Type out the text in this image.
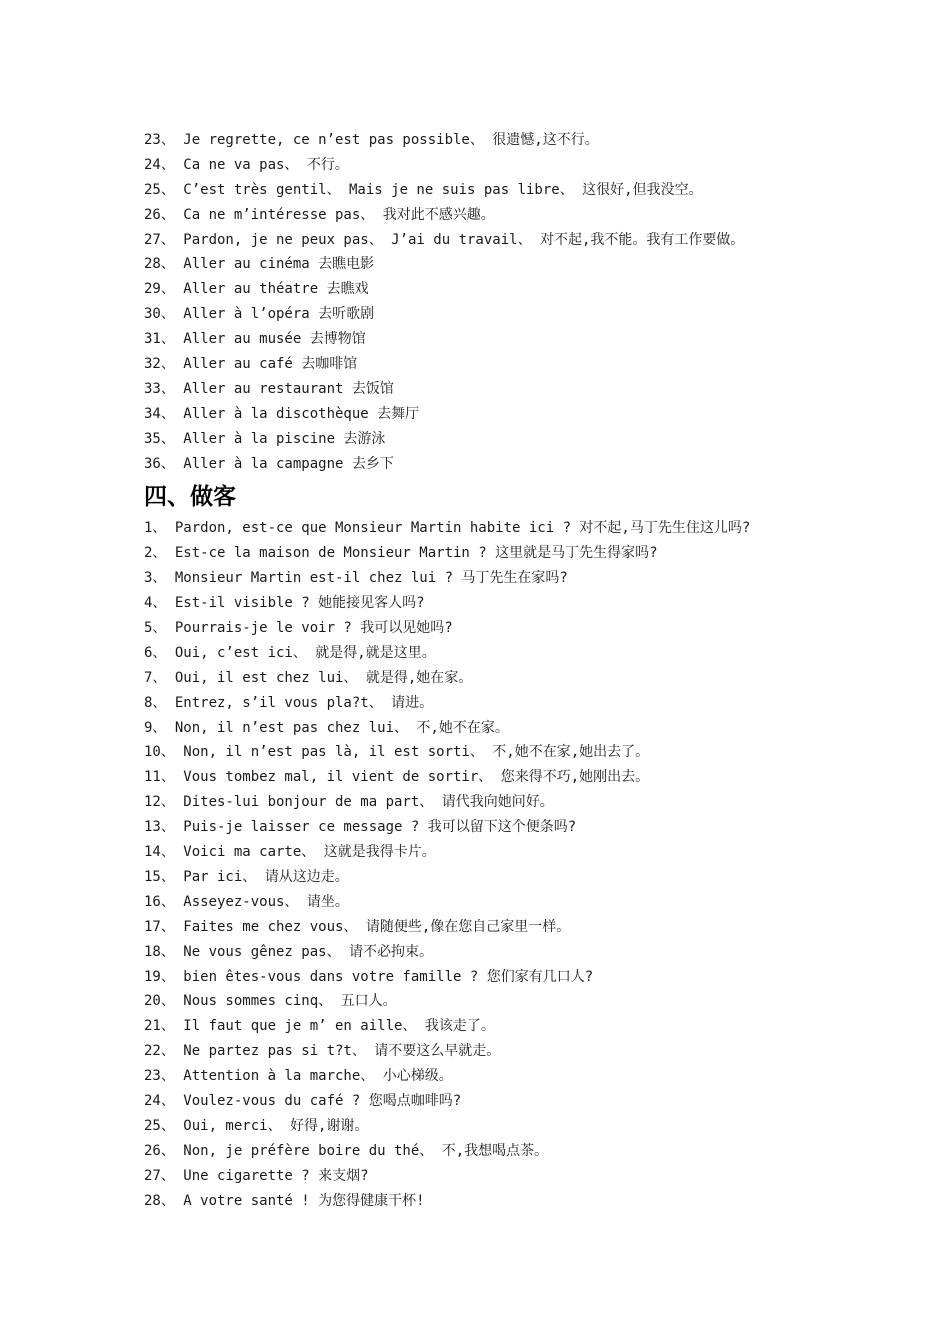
23、 Je regrette, ce n’est pas possible、 很遗憾,这不行。
24、 Ca ne va pas、 不行。
25、 C’est très gentil、 Mais je ne suis pas libre、 这很好,但我没空。
26、 Ca ne m’intéresse pas、 我对此不感兴趣。
27、 Pardon, je ne peux pas、 J’ai du travail、 对不起,我不能。我有工作要做。
28、 Aller au cinéma 去瞧电影
29、 Aller au théatre 去瞧戏
30、 Aller à l’opéra 去听歌剧
31、 Aller au musée 去博物馆
32、 Aller au café 去咖啡馆
33、 Aller au restaurant 去饭馆
34、 Aller à la discothèque 去舞厅
35、 Aller à la piscine 去游泳
36、 Aller à la campagne 去乡下
四、做客
1、 Pardon, est-ce que Monsieur Martin habite ici ? 对不起,马丁先生住这儿吗?
2、 Est-ce la maison de Monsieur Martin ? 这里就是马丁先生得家吗?
3、 Monsieur Martin est-il chez lui ? 马丁先生在家吗?
4、 Est-il visible ? 她能接见客人吗?
5、 Pourrais-je le voir ? 我可以见她吗?
6、 Oui, c’est ici、 就是得,就是这里。
7、 Oui, il est chez lui、 就是得,她在家。
8、 Entrez, s’il vous pla?t、 请进。
9、 Non, il n’est pas chez lui、 不,她不在家。
10、 Non, il n’est pas là, il est sorti、 不,她不在家,她出去了。
11、 Vous tombez mal, il vient de sortir、 您来得不巧,她刚出去。
12、 Dites-lui bonjour de ma part、 请代我向她问好。
13、 Puis-je laisser ce message ? 我可以留下这个便条吗?
14、 Voici ma carte、 这就是我得卡片。
15、 Par ici、 请从这边走。
16、 Asseyez-vous、 请坐。
17、 Faites me chez vous、 请随便些,像在您自己家里一样。
18、 Ne vous gênez pas、 请不必拘束。
19、 bien êtes-vous dans votre famille ? 您们家有几口人?
20、 Nous sommes cinq、 五口人。
21、 Il faut que je m’ en aille、 我该走了。
22、 Ne partez pas si t?t、 请不要这么早就走。
23、 Attention à la marche、 小心梯级。
24、 Voulez-vous du café ? 您喝点咖啡吗?
25、 Oui, merci、 好得,谢谢。
26、 Non, je préfère boire du thé、 不,我想喝点茶。
27、 Une cigarette ? 来支烟?
28、 A votre santé ! 为您得健康干杯!
